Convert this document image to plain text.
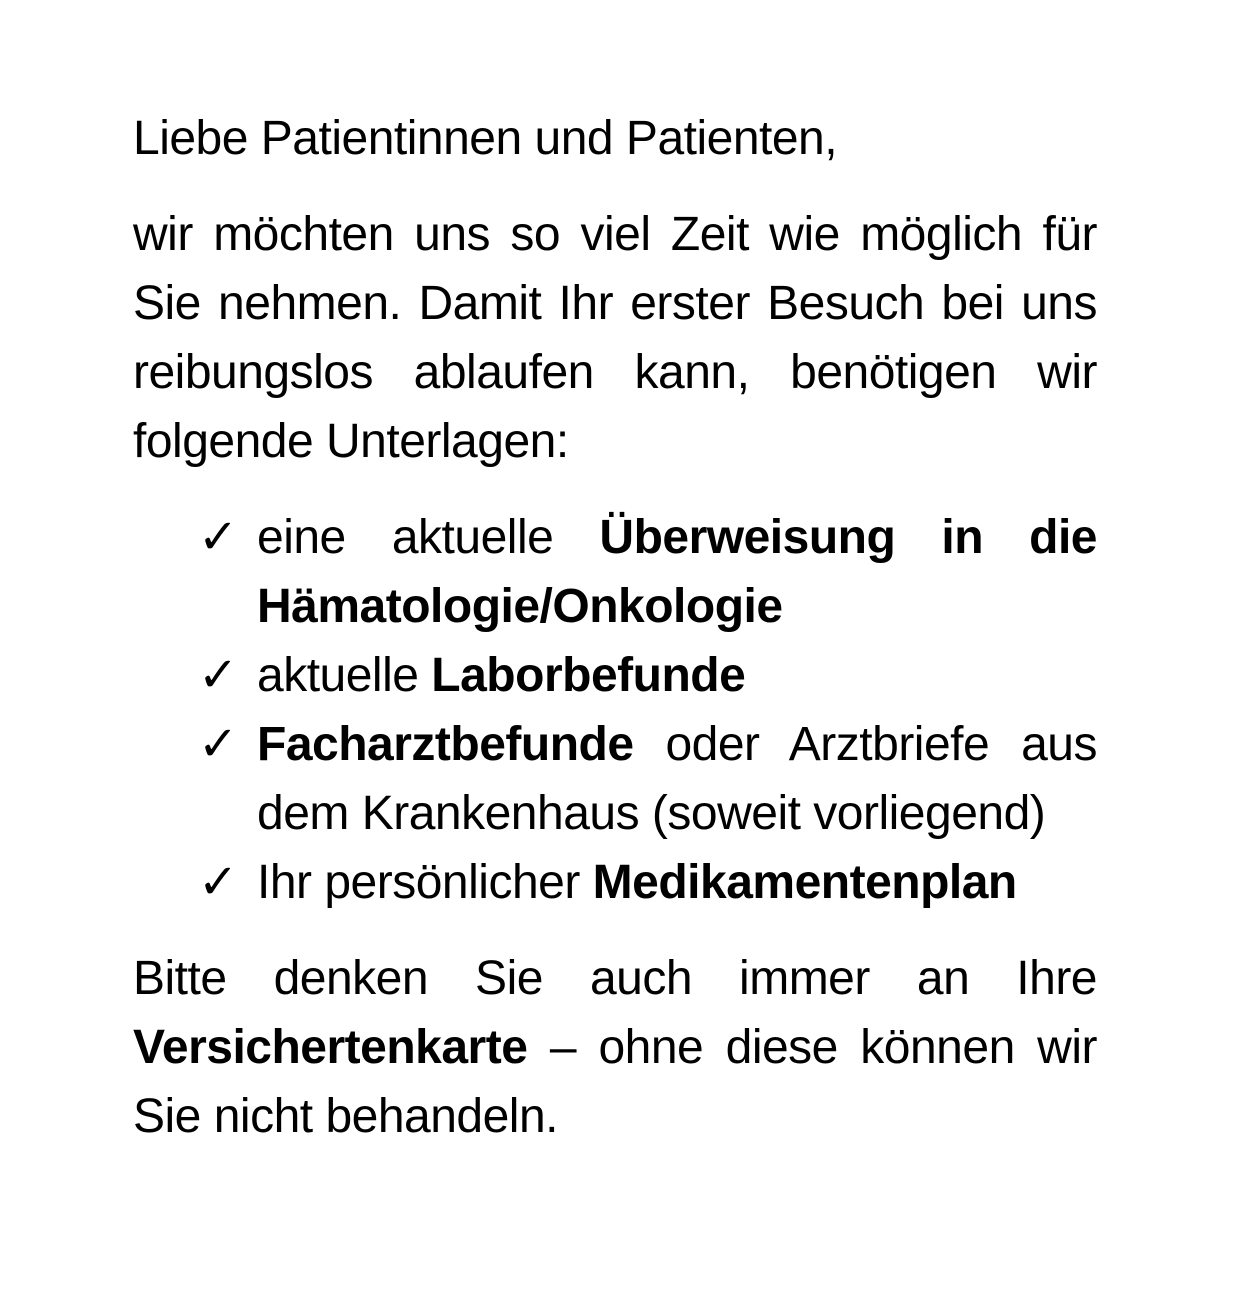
Liebe Patientinnen und Patienten,

wir möchten uns so viel Zeit wie möglich für Sie nehmen. Damit Ihr erster Besuch bei uns reibungslos ablaufen kann, benötigen wir folgende Unterlagen:

✓ eine aktuelle Überweisung in die Hämatologie/Onkologie
✓ aktuelle Laborbefunde
✓ Facharztbefunde oder Arztbriefe aus dem Krankenhaus (soweit vorliegend)
✓ Ihr persönlicher Medikamentenplan

Bitte denken Sie auch immer an Ihre Versichertenkarte – ohne diese können wir Sie nicht behandeln.
